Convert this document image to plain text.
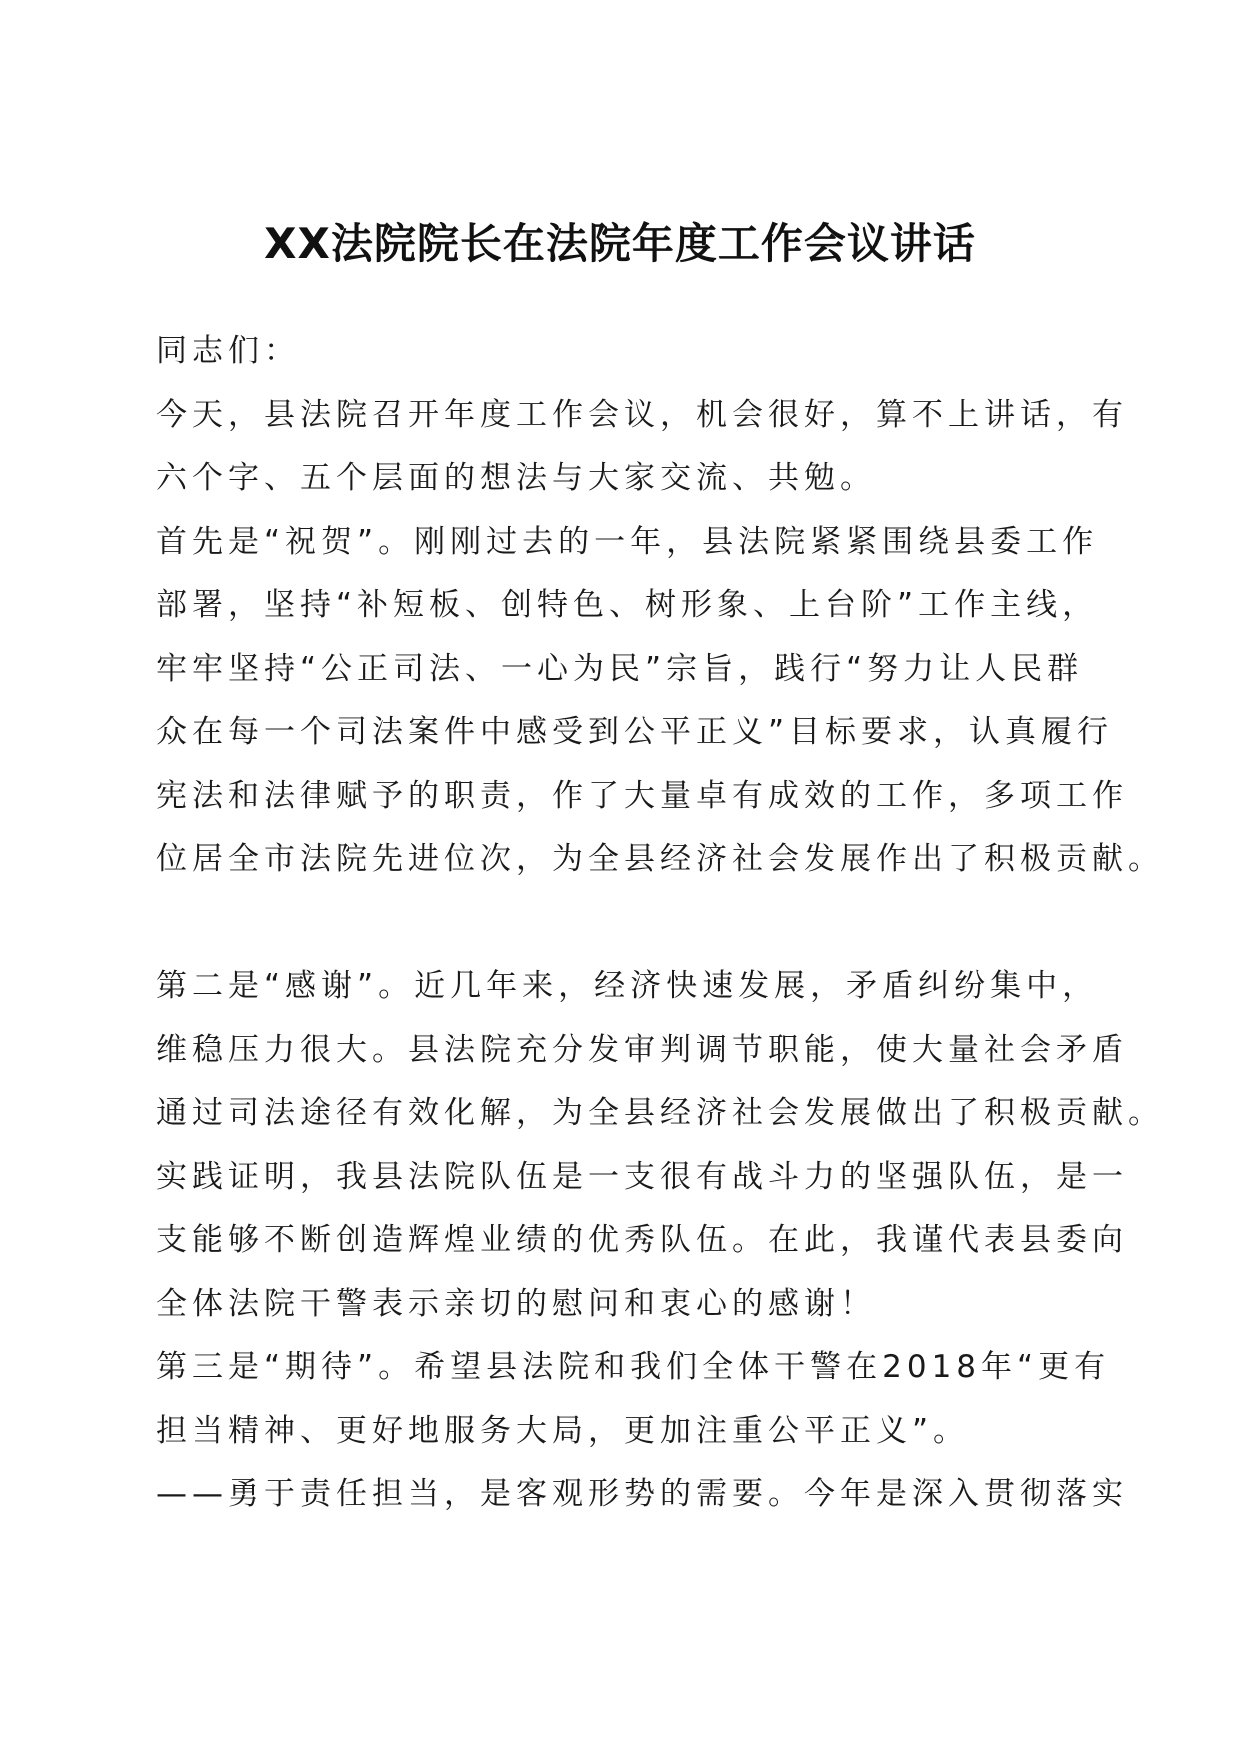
XX法院院长在法院年度工作会议讲话
同志们：
今天，县法院召开年度工作会议，机会很好，算不上讲话，有
六个字、五个层面的想法与大家交流、共勉。
首先是“祝贺”。刚刚过去的一年，县法院紧紧围绕县委工作
部署，坚持“补短板、创特色、树形象、上台阶”工作主线，
牢牢坚持“公正司法、一心为民”宗旨，践行“努力让人民群
众在每一个司法案件中感受到公平正义”目标要求，认真履行
宪法和法律赋予的职责，作了大量卓有成效的工作，多项工作
位居全市法院先进位次，为全县经济社会发展作出了积极贡献。
第二是“感谢”。近几年来，经济快速发展，矛盾纠纷集中，
维稳压力很大。县法院充分发审判调节职能，使大量社会矛盾
通过司法途径有效化解，为全县经济社会发展做出了积极贡献。
实践证明，我县法院队伍是一支很有战斗力的坚强队伍，是一
支能够不断创造辉煌业绩的优秀队伍。在此，我谨代表县委向
全体法院干警表示亲切的慰问和衷心的感谢！
第三是“期待”。希望县法院和我们全体干警在2018年“更有
担当精神、更好地服务大局，更加注重公平正义”。
——勇于责任担当，是客观形势的需要。今年是深入贯彻落实
